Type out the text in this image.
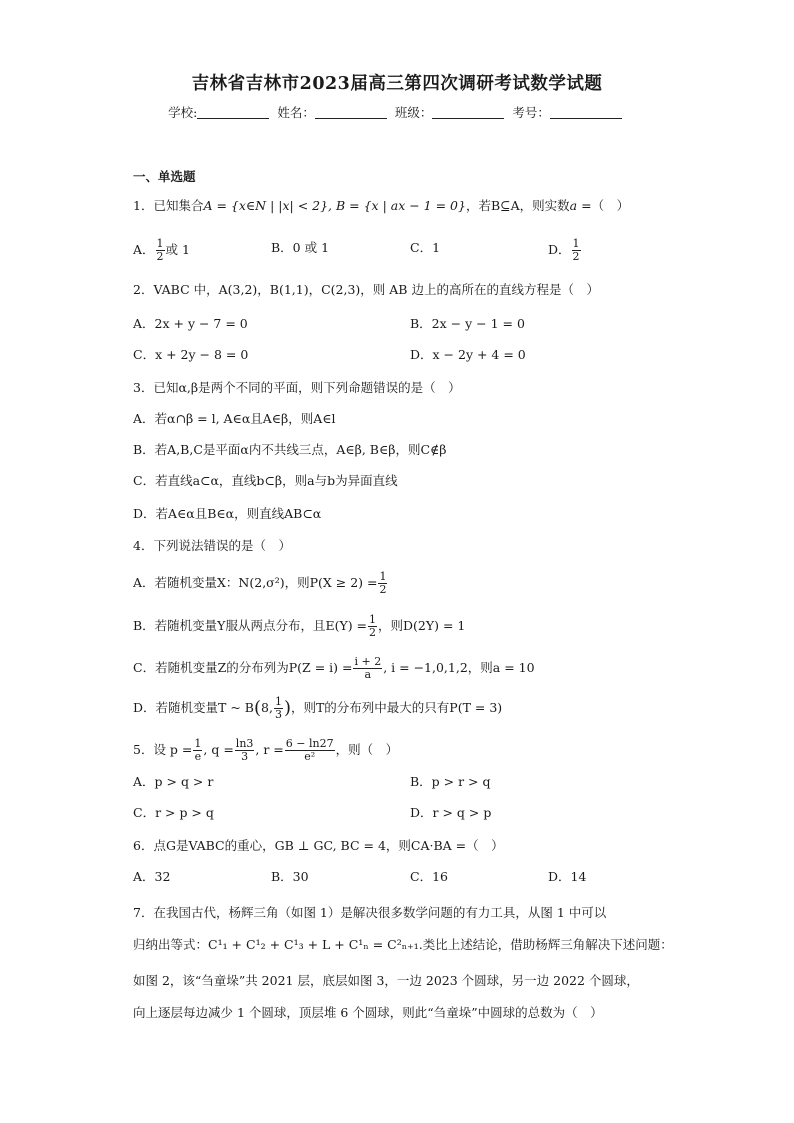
吉林省吉林市2023届高三第四次调研考试数学试题
学校:	姓名：	班级：	考号：
一、单选题
1．已知集合A = {x∈N | |x| < 2}, B = {x | ax − 1 = 0}，若B⊆A，则实数a =（　）
A． $\frac{1}{2}$ 或 1	B．0 或 1	C．1	D． $\frac{1}{2}$
2．VABC 中，A(3,2)，B(1,1)，C(2,3)，则 AB 边上的高所在的直线方程是（　）
A．2x + y − 7 = 0	B．2x − y − 1 = 0
C．x + 2y − 8 = 0	D．x − 2y + 4 = 0
3．已知α,β是两个不同的平面，则下列命题错误的是（　）
A．若α∩β = l, A∈α且A∈β，则A∈l
B．若A,B,C是平面α内不共线三点，A∈β, B∈β，则C∉β
C．若直线a⊂α，直线b⊂β，则a与b为异面直线
D．若A∈α且B∈α，则直线AB⊂α
4．下列说法错误的是（　）
A．若随机变量X：N(2,σ²)，则$P(X \ge 2) = \frac{1}{2}$
B．若随机变量Y服从两点分布，且$E(Y) = \frac{1}{2}$ ，则D(2Y) = 1
C．若随机变量Z的分布列为$P(Z = i) = \frac{i + 2}{a}$ , i = −1,0,1,2，则a = 10
D．若随机变量T ~ B(8, $\frac{1}{3}$ )，则T的分布列中最大的只有P(T = 3)
5．设 $p = \frac{1}{e}$ , $q = \frac{\ln 3}{3}$ , $r = \frac{6 - \ln 27}{\text{e²}}$ ，则（　）
A．p > q > r	B．p > r > q
C．r > p > q	D．r > q > p
6．点G是VABC的重心，GB ⊥ GC, BC = 4，则CA·BA =（　）
A．32	B．30	C．16	D．14
7．在我国古代，杨辉三角（如图 1）是解决很多数学问题的有力工具，从图 1 中可以
归纳出等式：C¹₁ + C¹₂ + C¹₃ + L + C¹ₙ = C²ₙ₊₁.类比上述结论，借助杨辉三角解决下述问题：
如图 2，该“刍童垛”共 2021 层，底层如图 3，一边 2023 个圆球，另一边 2022 个圆球，
向上逐层每边减少 1 个圆球，顶层堆 6 个圆球，则此“刍童垛”中圆球的总数为（　）
